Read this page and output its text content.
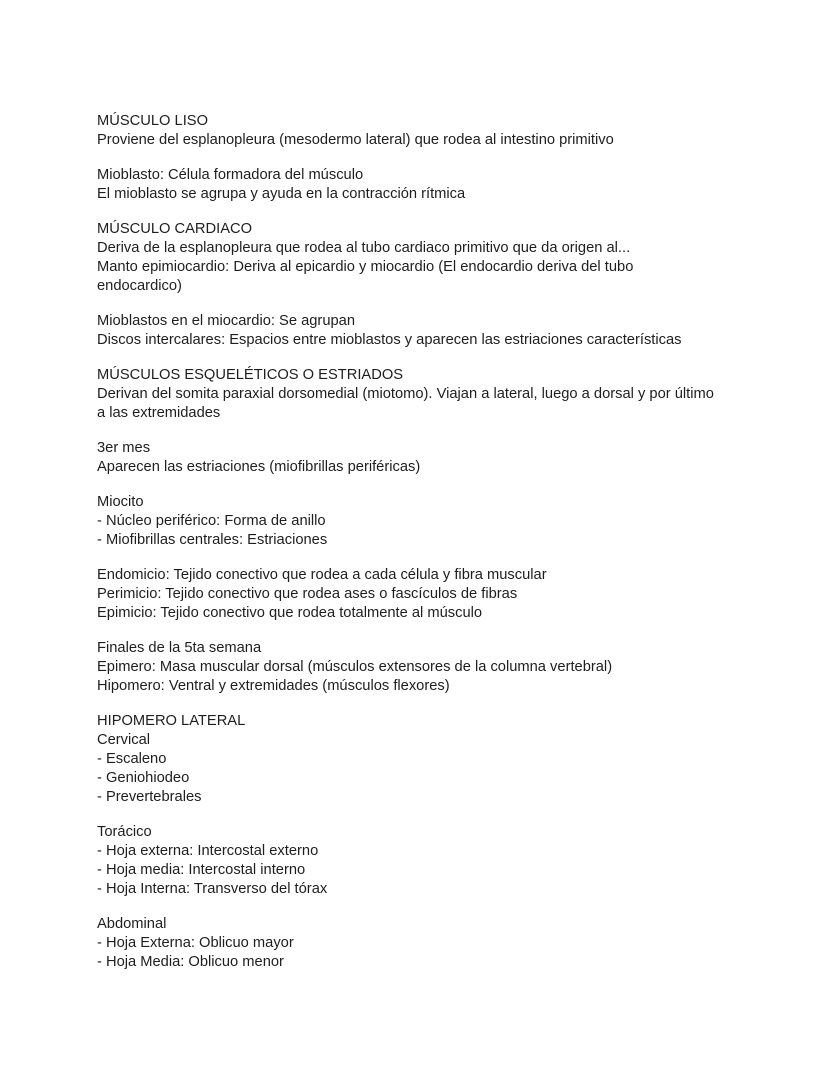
MÚSCULO LISO
Proviene del esplanopleura (mesodermo lateral) que rodea al intestino primitivo
Mioblasto: Célula formadora del músculo
El mioblasto se agrupa y ayuda en la contracción rítmica
MÚSCULO CARDIACO
Deriva de la esplanopleura que rodea al tubo cardiaco primitivo que da origen al...
Manto epimiocardio: Deriva al epicardio y miocardio (El endocardio deriva del tubo
endocardico)
Mioblastos en el miocardio: Se agrupan
Discos intercalares: Espacios entre mioblastos y aparecen las estriaciones características
MÚSCULOS ESQUELÉTICOS O ESTRIADOS
Derivan del somita paraxial dorsomedial (miotomo). Viajan a lateral, luego a dorsal y por último
a las extremidades
3er mes
Aparecen las estriaciones (miofibrillas periféricas)
Miocito
- Núcleo periférico: Forma de anillo
- Miofibrillas centrales: Estriaciones
Endomicio: Tejido conectivo que rodea a cada célula y fibra muscular
Perimicio: Tejido conectivo que rodea ases o fascículos de fibras
Epimicio: Tejido conectivo que rodea totalmente al músculo
Finales de la 5ta semana
Epimero: Masa muscular dorsal (músculos extensores de la columna vertebral)
Hipomero: Ventral y extremidades (músculos flexores)
HIPOMERO LATERAL
Cervical
- Escaleno
- Geniohiodeo
- Prevertebrales
Torácico
- Hoja externa: Intercostal externo
- Hoja media: Intercostal interno
- Hoja Interna: Transverso del tórax
Abdominal
- Hoja Externa: Oblicuo mayor
- Hoja Media: Oblicuo menor
